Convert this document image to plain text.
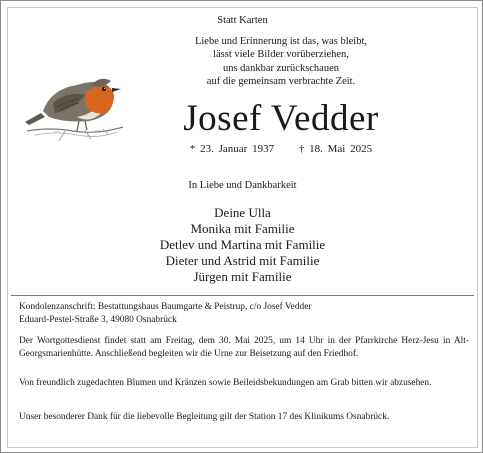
Statt Karten
Liebe und Erinnerung ist das, was bleibt,
lässt viele Bilder vorüberziehen,
uns dankbar zurückschauen
auf die gemeinsam verbrachte Zeit.
Josef Vedder
* 23. Januar 1937 † 18. Mai 2025
In Liebe und Dankbarkeit
Deine Ulla
Monika mit Familie
Detlev und Martina mit Familie
Dieter und Astrid mit Familie
Jürgen mit Familie

Kondolenzanschrift: Bestattungshaus Baumgarte & Peistrup, c/o Josef Vedder

Eduard-Pestel-Straße 3, 49080 Osnabrück

Der Wortgottesdienst findet statt am Freitag, dem 30. Mai 2025, um 14 Uhr in der Pfarrkirche Herz-Jesu in Alt-Georgsmarienhütte. Anschließend begleiten wir die Urne zur Beisetzung auf den Friedhof.

Von freundlich zugedachten Blumen und Kränzen sowie Beileidsbekundungen am Grab bitten wir abzusehen.

Unser besonderer Dank für die liebevolle Begleitung gilt der Station 17 des Klinikums Osnabrück.
